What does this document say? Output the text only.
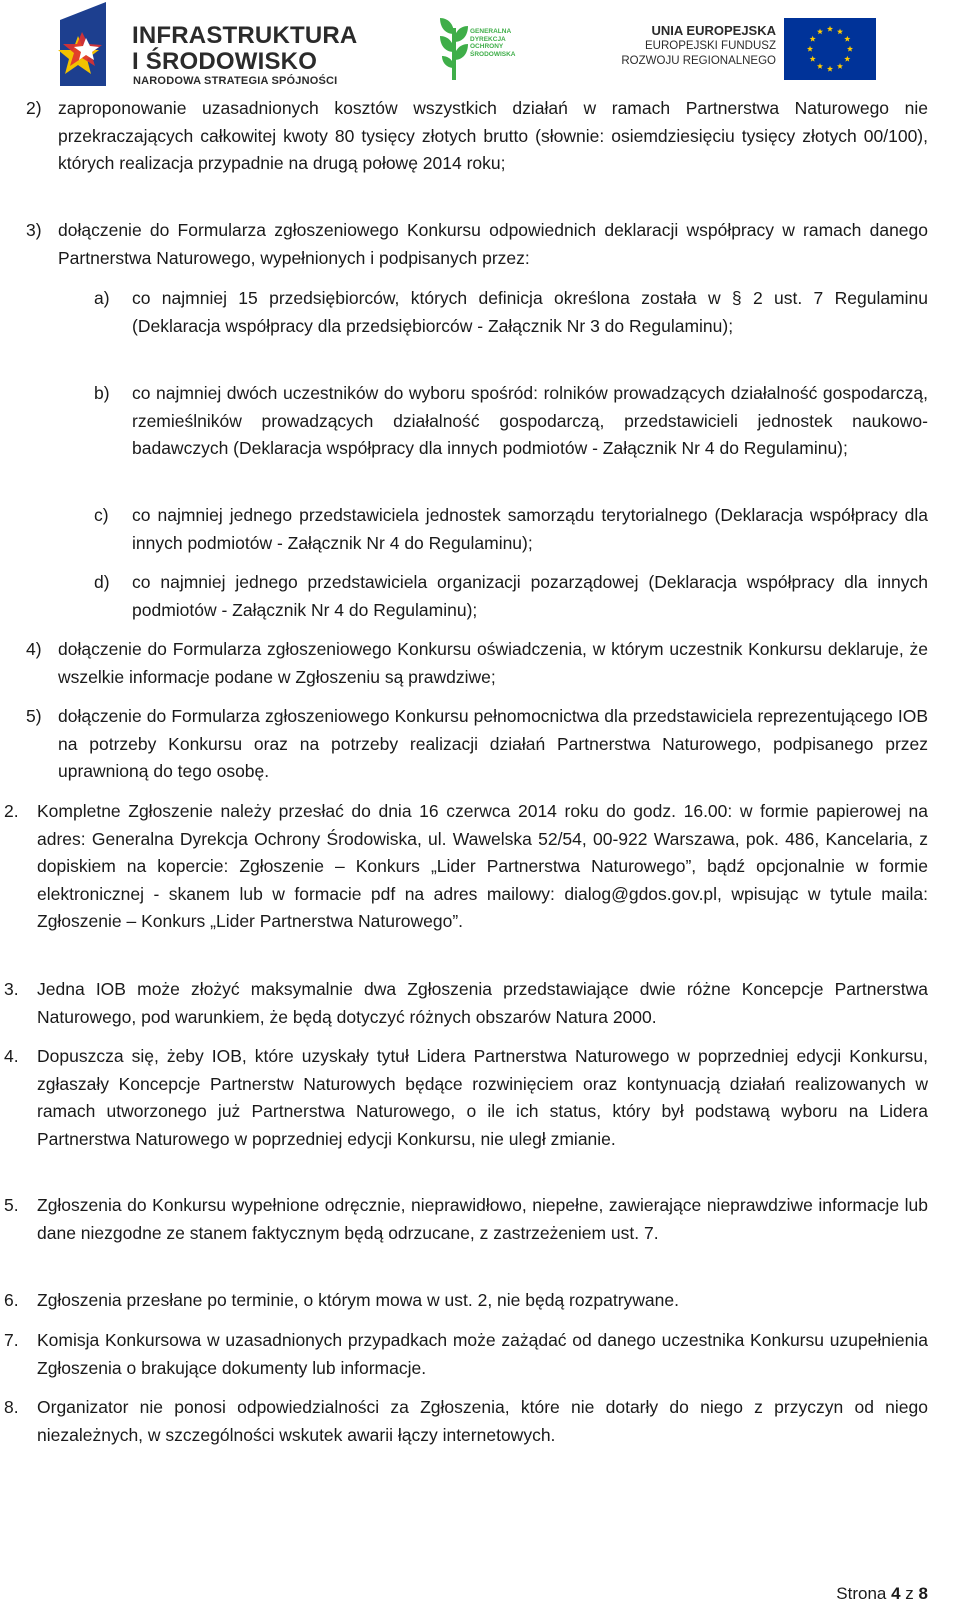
INFRASTRUKTURA
I ŚRODOWISKO
NARODOWA STRATEGIA SPÓJNOŚCI
GENERALNA
DYREKCJA
OCHRONY
ŚRODOWISKA
UNIA EUROPEJSKA
EUROPEJSKI FUNDUSZ
ROZWOJU REGIONALNEGO
2) zaproponowanie uzasadnionych kosztów wszystkich działań w ramach Partnerstwa Naturowego nie przekraczających całkowitej kwoty 80 tysięcy złotych brutto (słownie: osiemdziesięciu tysięcy złotych 00/100), których realizacja przypadnie na drugą połowę 2014 roku;
3) dołączenie do Formularza zgłoszeniowego Konkursu odpowiednich deklaracji współpracy w ramach danego Partnerstwa Naturowego, wypełnionych i podpisanych przez:
a) co najmniej 15 przedsiębiorców, których definicja określona została w § 2 ust. 7 Regulaminu (Deklaracja współpracy dla przedsiębiorców - Załącznik Nr 3 do Regulaminu);
b) co najmniej dwóch uczestników do wyboru spośród: rolników prowadzących działalność gospodarczą, rzemieślników prowadzących działalność gospodarczą, przedstawicieli jednostek naukowo-badawczych (Deklaracja współpracy dla innych podmiotów - Załącznik Nr 4 do Regulaminu);
c) co najmniej jednego przedstawiciela jednostek samorządu terytorialnego (Deklaracja współpracy dla innych podmiotów - Załącznik Nr 4 do Regulaminu);
d) co najmniej jednego przedstawiciela organizacji pozarządowej (Deklaracja współpracy dla innych podmiotów - Załącznik Nr 4 do Regulaminu);
4) dołączenie do Formularza zgłoszeniowego Konkursu oświadczenia, w którym uczestnik Konkursu deklaruje, że wszelkie informacje podane w Zgłoszeniu są prawdziwe;
5) dołączenie do Formularza zgłoszeniowego Konkursu pełnomocnictwa dla przedstawiciela reprezentującego IOB na potrzeby Konkursu oraz na potrzeby realizacji działań Partnerstwa Naturowego, podpisanego przez uprawnioną do tego osobę.
2. Kompletne Zgłoszenie należy przesłać do dnia 16 czerwca 2014 roku do godz. 16.00: w formie papierowej na adres: Generalna Dyrekcja Ochrony Środowiska, ul. Wawelska 52/54, 00-922 Warszawa, pok. 486, Kancelaria, z dopiskiem na kopercie: Zgłoszenie – Konkurs „Lider Partnerstwa Naturowego”, bądź opcjonalnie w formie elektronicznej - skanem lub w formacie pdf na adres mailowy: dialog@gdos.gov.pl, wpisując w tytule maila: Zgłoszenie – Konkurs „Lider Partnerstwa Naturowego”.
3. Jedna IOB może złożyć maksymalnie dwa Zgłoszenia przedstawiające dwie różne Koncepcje Partnerstwa Naturowego, pod warunkiem, że będą dotyczyć różnych obszarów Natura 2000.
4. Dopuszcza się, żeby IOB, które uzyskały tytuł Lidera Partnerstwa Naturowego w poprzedniej edycji Konkursu, zgłaszały Koncepcje Partnerstw Naturowych będące rozwinięciem oraz kontynuacją działań realizowanych w ramach utworzonego już Partnerstwa Naturowego, o ile ich status, który był podstawą wyboru na Lidera Partnerstwa Naturowego w poprzedniej edycji Konkursu, nie uległ zmianie.
5. Zgłoszenia do Konkursu wypełnione odręcznie, nieprawidłowo, niepełne, zawierające nieprawdziwe informacje lub dane niezgodne ze stanem faktycznym będą odrzucane, z zastrzeżeniem ust. 7.
6. Zgłoszenia przesłane po terminie, o którym mowa w ust. 2, nie będą rozpatrywane.
7. Komisja Konkursowa w uzasadnionych przypadkach może zażądać od danego uczestnika Konkursu uzupełnienia Zgłoszenia o brakujące dokumenty lub informacje.
8. Organizator nie ponosi odpowiedzialności za Zgłoszenia, które nie dotarły do niego z przyczyn od niego niezależnych, w szczególności wskutek awarii łączy internetowych.
Strona 4 z 8
